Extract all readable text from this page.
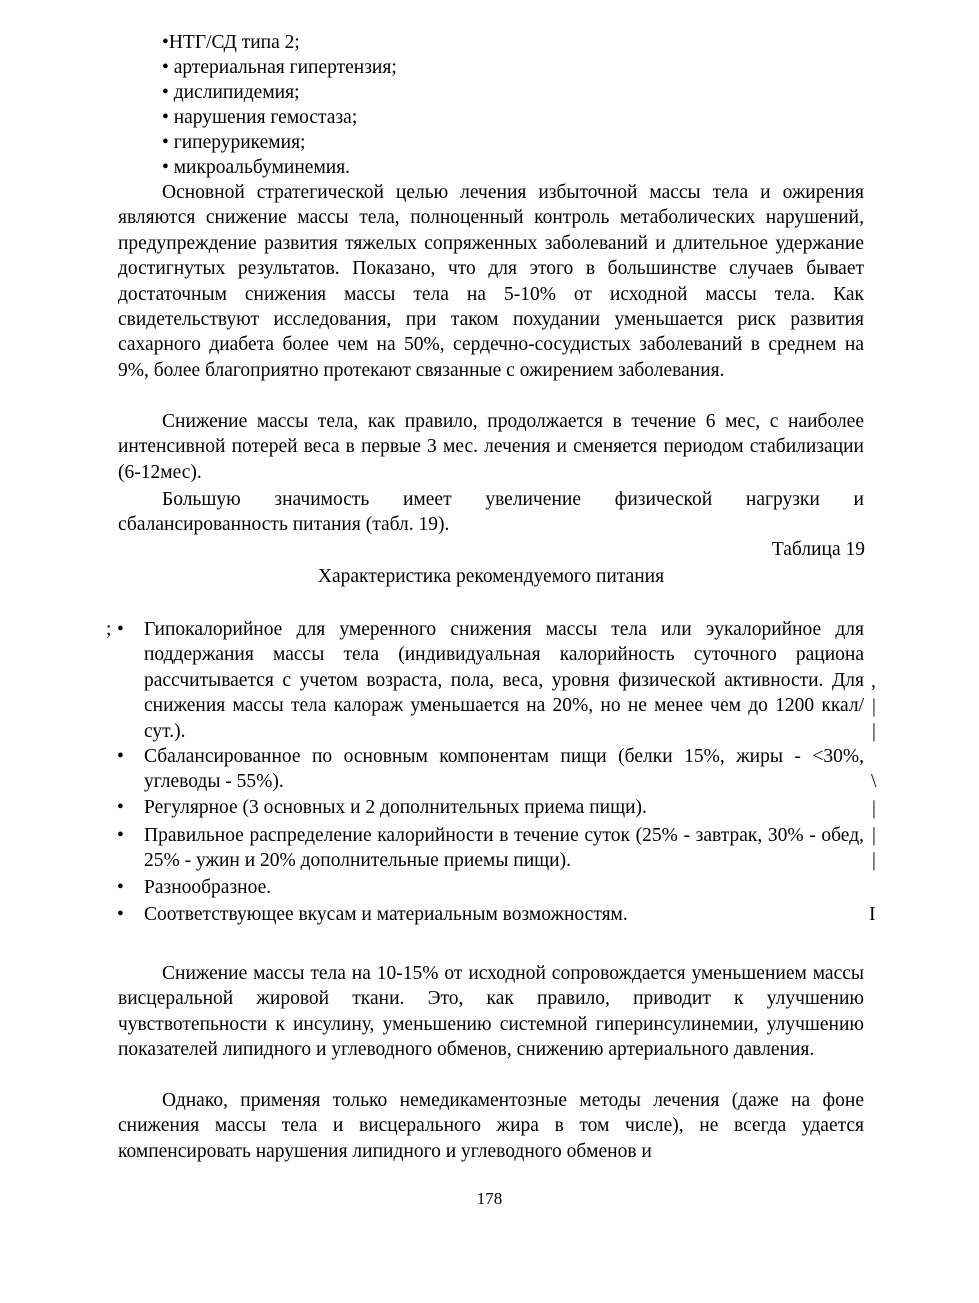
•НТГ/СД типа 2;
• артериальная гипертензия;
• дислипидемия;
• нарушения гемостаза;
• гиперурикемия;
• микроальбуминемия.

Основной стратегической целью лечения избыточной массы тела и ожирения являются снижение массы тела, полноценный контроль метаболических нарушений, предупреждение развития тяжелых сопряженных заболеваний и длительное удержание достигнутых результатов. Показано, что для этого в большинстве случаев бывает достаточным снижения массы тела на 5-10% от исходной массы тела. Как свидетельствуют исследования, при таком похудании уменьшается риск развития сахарного диабета более чем на 50%, сердечно-сосудистых заболеваний в среднем на 9%, более благоприятно протекают связанные с ожирением заболевания.

Снижение массы тела, как правило, продолжается в течение 6 мес, с наиболее интенсивной потерей веса в первые 3 мес. лечения и сменяется периодом стабилизации (6-12мес).

Большую значимость имеет увеличение физической нагрузки и сбалансированность питания (табл. 19).

Таблица 19
Характеристика рекомендуемого питания
; • Гипокалорийное для умеренного снижения массы тела или эукалорийное для поддержания массы тела (индивидуальная калорийность суточного рациона рассчитывается с учетом возраста, пола, веса, уровня физической активности. Для снижения массы тела калораж уменьшается на 20%, но не менее чем до 1200 ккал/сут.).

• Сбалансированное по основным компонентам пищи (белки 15%, жиры - <30%, углеводы - 55%).

• Регулярное (3 основных и 2 дополнительных приема пищи).

• Правильное распределение калорийности в течение суток (25% - завтрак, 30% - обед, 25% - ужин и 20% дополнительные приемы пищи).

• Разнообразное.

• Соответствующее вкусам и материальным возможностям.

,
|
|
\
|
|
|
I

Снижение массы тела на 10-15% от исходной сопровождается уменьшением массы висцеральной жировой ткани. Это, как правило, приводит к улучшению чувствотепьности к инсулину, уменьшению системной гиперинсулинемии, улучшению показателей липидного и углеводного обменов, снижению артериального давления.

Однако, применяя только немедикаментозные методы лечения (даже на фоне снижения массы тела и висцерального жира в том числе), не всегда удается компенсировать нарушения липидного и углеводного обменов и

178
